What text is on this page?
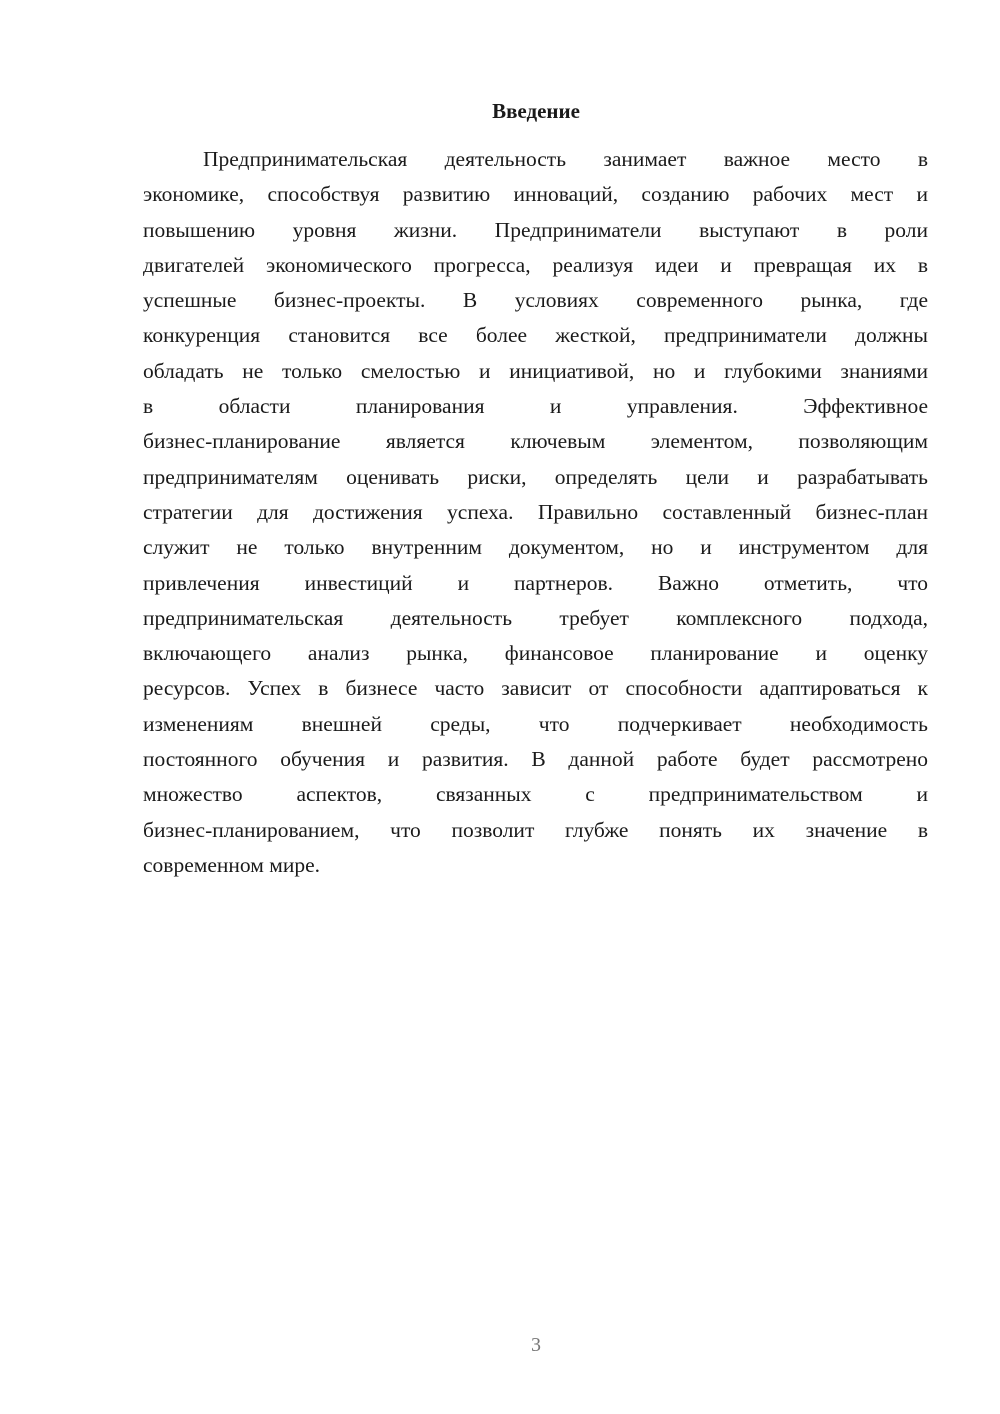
Введение
Предпринимательская деятельность занимает важное место в
экономике, способствуя развитию инноваций, созданию рабочих мест и
повышению уровня жизни. Предприниматели выступают в роли
двигателей экономического прогресса, реализуя идеи и превращая их в
успешные бизнес-проекты. В условиях современного рынка, где
конкуренция становится все более жесткой, предприниматели должны
обладать не только смелостью и инициативой, но и глубокими знаниями
в области планирования и управления. Эффективное
бизнес-планирование является ключевым элементом, позволяющим
предпринимателям оценивать риски, определять цели и разрабатывать
стратегии для достижения успеха. Правильно составленный бизнес-план
служит не только внутренним документом, но и инструментом для
привлечения инвестиций и партнеров. Важно отметить, что
предпринимательская деятельность требует комплексного подхода,
включающего анализ рынка, финансовое планирование и оценку
ресурсов. Успех в бизнесе часто зависит от способности адаптироваться к
изменениям внешней среды, что подчеркивает необходимость
постоянного обучения и развития. В данной работе будет рассмотрено
множество аспектов, связанных с предпринимательством и
бизнес-планированием, что позволит глубже понять их значение в
современном мире.
3
